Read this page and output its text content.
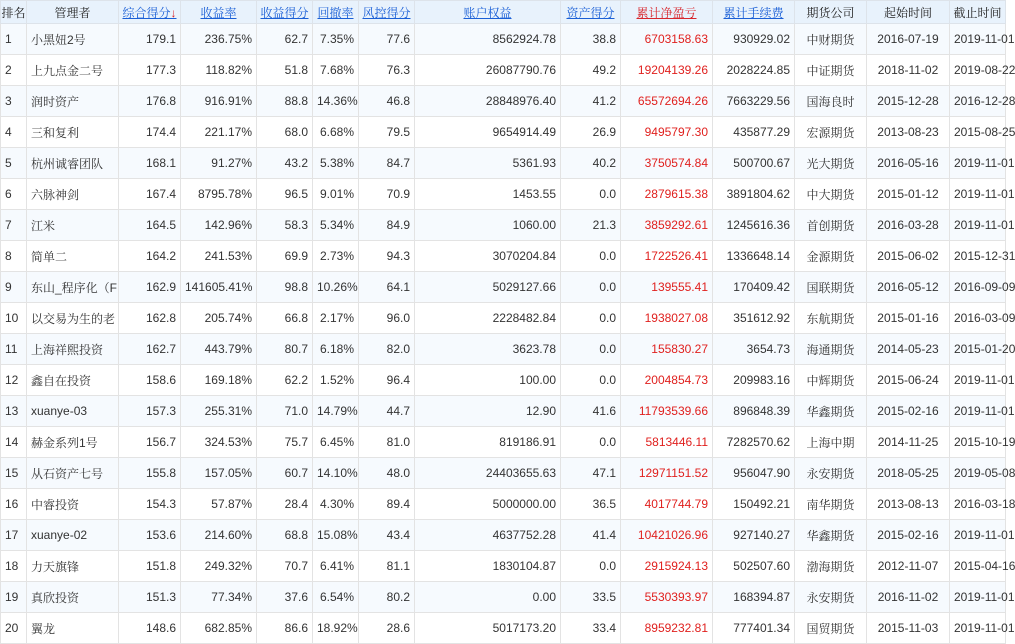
排名	管理者	综合得分↓	收益率	收益得分	回撤率	风控得分	账户权益	资产得分	累计净盈亏	累计手续费	期货公司	起始时间	截止时间
1	小黑妞2号	179.1	236.75%	62.7	7.35%	77.6	8562924.78	38.8	6703158.63	930929.02	中财期货	2016-07-19	2019-11-01
2	上九点金二号	177.3	118.82%	51.8	7.68%	76.3	26087790.76	49.2	19204139.26	2028224.85	中证期货	2018-11-02	2019-08-22
3	润时资产	176.8	916.91%	88.8	14.36%	46.8	28848976.40	41.2	65572694.26	7663229.56	国海良时	2015-12-28	2016-12-28
4	三和复利	174.4	221.17%	68.0	6.68%	79.5	9654914.49	26.9	9495797.30	435877.29	宏源期货	2013-08-23	2015-08-25
5	杭州诚睿团队	168.1	91.27%	43.2	5.38%	84.7	5361.93	40.2	3750574.84	500700.67	光大期货	2016-05-16	2019-11-01
6	六脉神剑	167.4	8795.78%	96.5	9.01%	70.9	1453.55	0.0	2879615.38	3891804.62	中大期货	2015-01-12	2019-11-01
7	江米	164.5	142.96%	58.3	5.34%	84.9	1060.00	21.3	3859292.61	1245616.36	首创期货	2016-03-28	2019-11-01
8	简单二	164.2	241.53%	69.9	2.73%	94.3	3070204.84	0.0	1722526.41	1336648.14	金源期货	2015-06-02	2015-12-31
9	东山_程序化（F	162.9	141605.41%	98.8	10.26%	64.1	5029127.66	0.0	139555.41	170409.42	国联期货	2016-05-12	2016-09-09
10	以交易为生的老	162.8	205.74%	66.8	2.17%	96.0	2228482.84	0.0	1938027.08	351612.92	东航期货	2015-01-16	2016-03-09
11	上海祥熙投资	162.7	443.79%	80.7	6.18%	82.0	3623.78	0.0	155830.27	3654.73	海通期货	2014-05-23	2015-01-20
12	鑫自在投资	158.6	169.18%	62.2	1.52%	96.4	100.00	0.0	2004854.73	209983.16	中辉期货	2015-06-24	2019-11-01
13	xuanye-03	157.3	255.31%	71.0	14.79%	44.7	12.90	41.6	11793539.66	896848.39	华鑫期货	2015-02-16	2019-11-01
14	赫金系列1号	156.7	324.53%	75.7	6.45%	81.0	819186.91	0.0	5813446.11	7282570.62	上海中期	2014-11-25	2015-10-19
15	从石资产七号	155.8	157.05%	60.7	14.10%	48.0	24403655.63	47.1	12971151.52	956047.90	永安期货	2018-05-25	2019-05-08
16	中睿投资	154.3	57.87%	28.4	4.30%	89.4	5000000.00	36.5	4017744.79	150492.21	南华期货	2013-08-13	2016-03-18
17	xuanye-02	153.6	214.60%	68.8	15.08%	43.4	4637752.28	41.4	10421026.96	927140.27	华鑫期货	2015-02-16	2019-11-01
18	力天旗锋	151.8	249.32%	70.7	6.41%	81.1	1830104.87	0.0	2915924.13	502507.60	渤海期货	2012-11-07	2015-04-16
19	真欣投资	151.3	77.34%	37.6	6.54%	80.2	0.00	33.5	5530393.97	168394.87	永安期货	2016-11-02	2019-11-01
20	翼龙	148.6	682.85%	86.6	18.92%	28.6	5017173.20	33.4	8959232.81	777401.34	国贸期货	2015-11-03	2019-11-01
